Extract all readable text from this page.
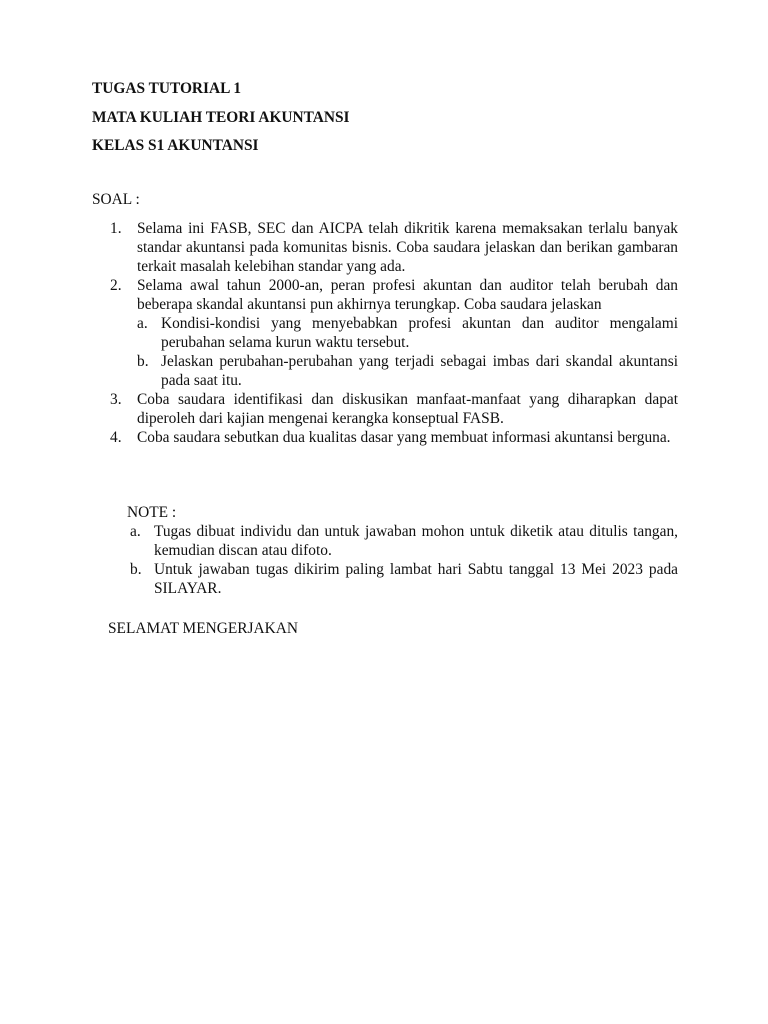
TUGAS TUTORIAL 1
MATA KULIAH TEORI AKUNTANSI
KELAS S1 AKUNTANSI
SOAL :
1. Selama ini FASB, SEC dan AICPA telah dikritik karena memaksakan terlalu banyak standar akuntansi pada komunitas bisnis. Coba saudara jelaskan dan berikan gambaran terkait masalah kelebihan standar yang ada.
2. Selama awal tahun 2000-an, peran profesi akuntan dan auditor telah berubah dan beberapa skandal akuntansi pun akhirnya terungkap. Coba saudara jelaskan
a. Kondisi-kondisi yang menyebabkan profesi akuntan dan auditor mengalami perubahan selama kurun waktu tersebut.
b. Jelaskan perubahan-perubahan yang terjadi sebagai imbas dari skandal akuntansi pada saat itu.
3. Coba saudara identifikasi dan diskusikan manfaat-manfaat yang diharapkan dapat diperoleh dari kajian mengenai kerangka konseptual FASB.
4. Coba saudara sebutkan dua kualitas dasar yang membuat informasi akuntansi berguna.
NOTE :
a. Tugas dibuat individu dan untuk jawaban mohon untuk diketik atau ditulis tangan, kemudian discan atau difoto.
b. Untuk jawaban tugas dikirim paling lambat hari Sabtu tanggal 13 Mei 2023 pada SILAYAR.
SELAMAT MENGERJAKAN
